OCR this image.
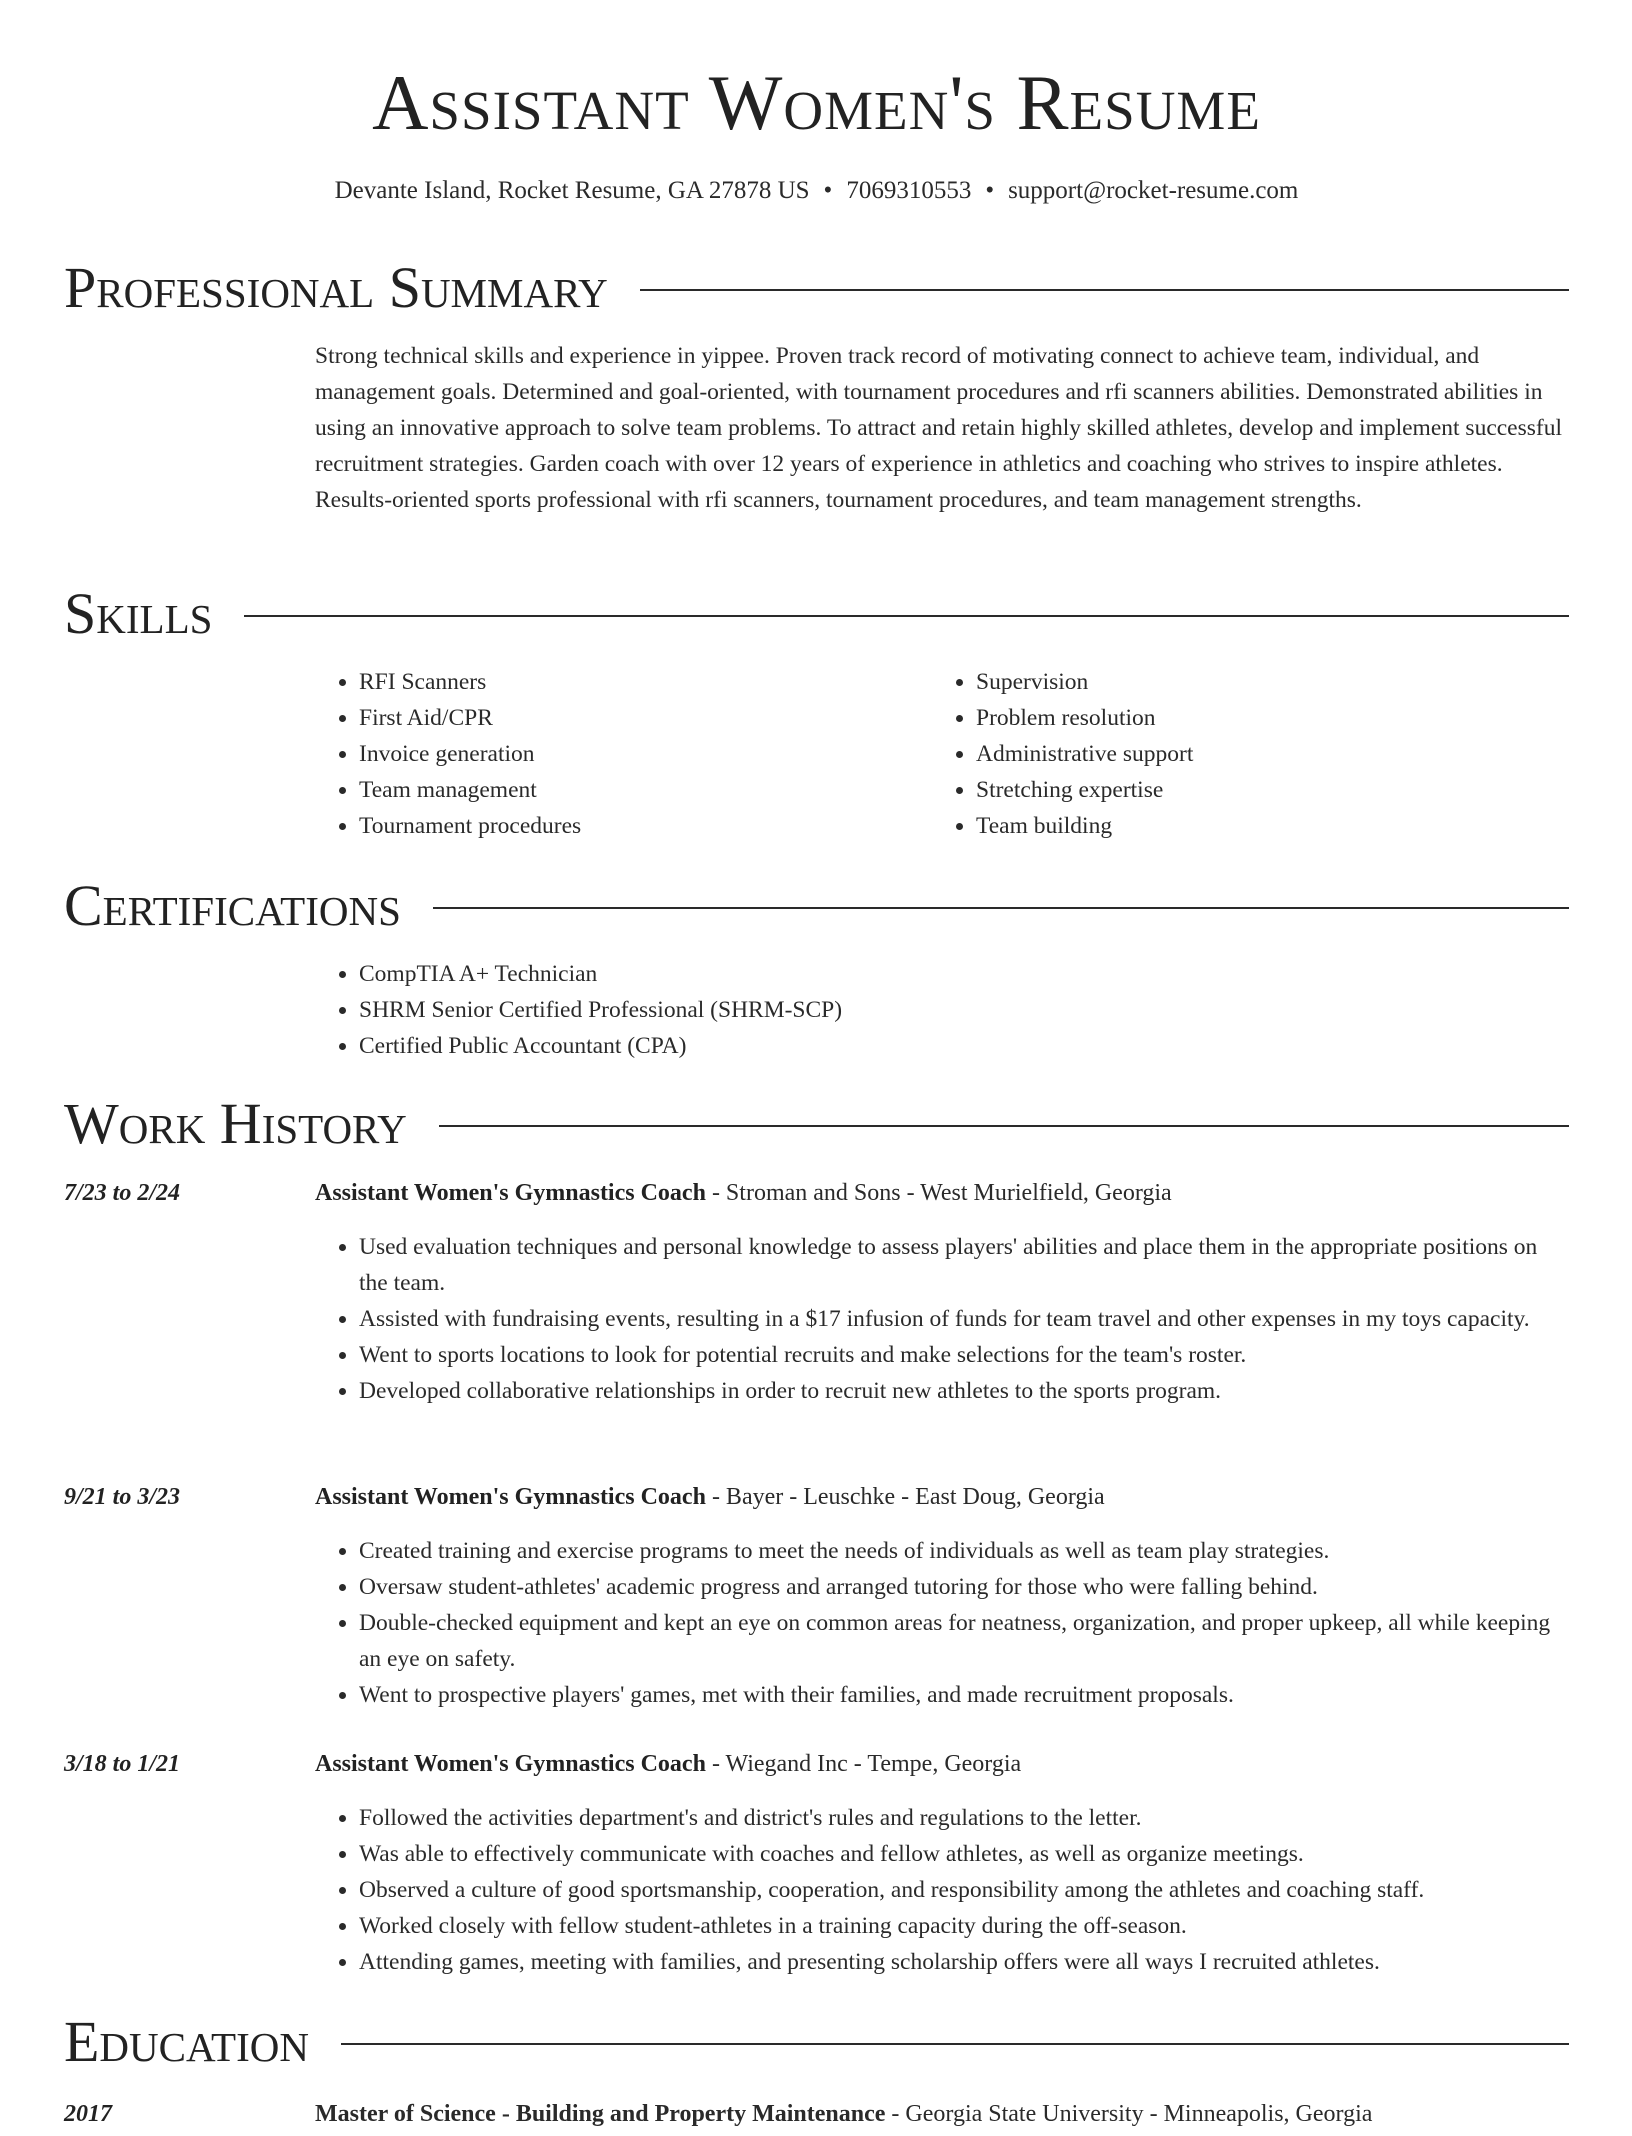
Assistant Women's Resume
Devante Island, Rocket Resume, GA 27878 US • 7069310553 • support@rocket-resume.com
Professional Summary

Strong technical skills and experience in yippee. Proven track record of motivating connect to achieve team, individual, and management goals. Determined and goal-oriented, with tournament procedures and rfi scanners abilities. Demonstrated abilities in using an innovative approach to solve team problems. To attract and retain highly skilled athletes, develop and implement successful recruitment strategies. Garden coach with over 12 years of experience in athletics and coaching who strives to inspire athletes. Results-oriented sports professional with rfi scanners, tournament procedures, and team management strengths.

Skills
• RFI Scanners
• First Aid/CPR
• Invoice generation
• Team management
• Tournament procedures
• Supervision
• Problem resolution
• Administrative support
• Stretching expertise
• Team building
Certifications
• CompTIA A+ Technician
• SHRM Senior Certified Professional (SHRM-SCP)
• Certified Public Accountant (CPA)
Work History
7/23 to 2/24	Assistant Women's Gymnastics Coach - Stroman and Sons - West Murielfield, Georgia
• Used evaluation techniques and personal knowledge to assess players' abilities and place them in the appropriate positions on the team.
• Assisted with fundraising events, resulting in a $17 infusion of funds for team travel and other expenses in my toys capacity.
• Went to sports locations to look for potential recruits and make selections for the team's roster.
• Developed collaborative relationships in order to recruit new athletes to the sports program.
9/21 to 3/23	Assistant Women's Gymnastics Coach - Bayer - Leuschke - East Doug, Georgia
• Created training and exercise programs to meet the needs of individuals as well as team play strategies.
• Oversaw student-athletes' academic progress and arranged tutoring for those who were falling behind.
• Double-checked equipment and kept an eye on common areas for neatness, organization, and proper upkeep, all while keeping an eye on safety.
• Went to prospective players' games, met with their families, and made recruitment proposals.
3/18 to 1/21	Assistant Women's Gymnastics Coach - Wiegand Inc - Tempe, Georgia
• Followed the activities department's and district's rules and regulations to the letter.
• Was able to effectively communicate with coaches and fellow athletes, as well as organize meetings.
• Observed a culture of good sportsmanship, cooperation, and responsibility among the athletes and coaching staff.
• Worked closely with fellow student-athletes in a training capacity during the off-season.
• Attending games, meeting with families, and presenting scholarship offers were all ways I recruited athletes.
Education
2017	Master of Science - Building and Property Maintenance - Georgia State University - Minneapolis, Georgia
